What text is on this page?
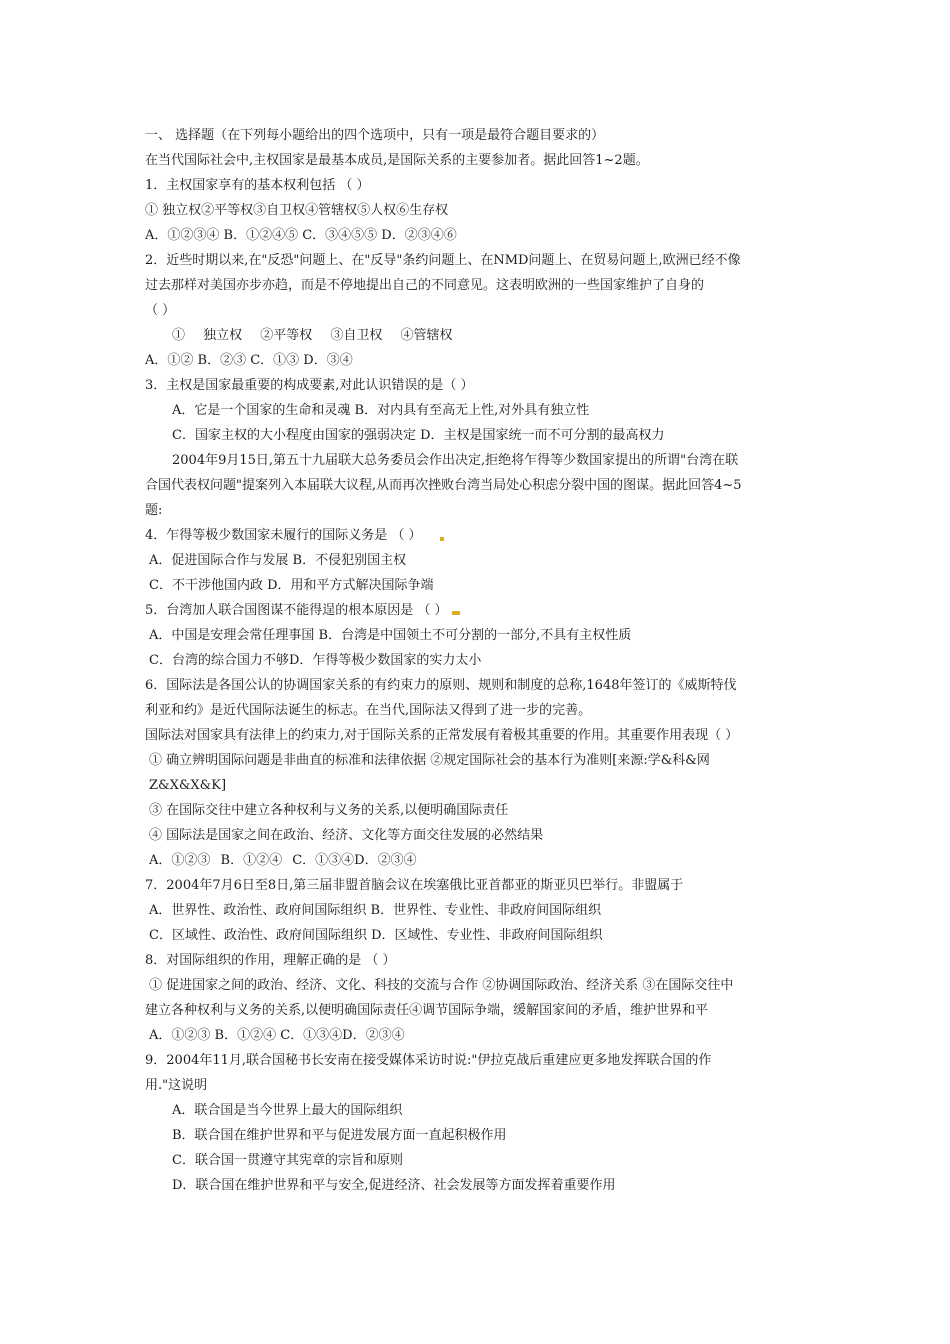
一、 选择题（在下列每小题给出的四个选项中，只有一项是最符合题目要求的）
在当代国际社会中,主权国家是最基本成员,是国际关系的主要参加者。据此回答1~2题。
1．主权国家享有的基本权利包括 （ ）
① 独立权②平等权③自卫权④管辖权⑤人权⑥生存权
A．①②③④ B．①②④⑤ C．③④⑤⑤ D．②③④⑥
2．近些时期以来,在"反恐"问题上、在"反导"条约问题上、在NMD问题上、在贸易问题上,欧洲已经不像
过去那样对美国亦步亦趋，而是不停地提出自己的不同意见。这表明欧洲的一些国家维护了自身的
（ ）
① 独立权 ②平等权 ③自卫权 ④管辖权
A．①② B．②③ C．①③ D．③④
3．主权是国家最重要的构成要素,对此认识错误的是（ ）
A．它是一个国家的生命和灵魂 B．对内具有至高无上性,对外具有独立性
C．国家主权的大小程度由国家的强弱决定 D．主权是国家统一而不可分割的最高权力
2004年9月15日,第五十九届联大总务委员会作出决定,拒绝将乍得等少数国家提出的所谓"台湾在联
合国代表权问题"提案列入本届联大议程,从而再次挫败台湾当局处心积虑分裂中国的图谋。据此回答4~5
题:
4．乍得等极少数国家未履行的国际义务是 （ ）
A．促进国际合作与发展 B．不侵犯别国主权
C．不干涉他国内政 D．用和平方式解决国际争端
5．台湾加人联合国图谋不能得逞的根本原因是 （ ）
A．中国是安理会常任理事国 B．台湾是中国领土不可分割的一部分,不具有主权性质
C．台湾的综合国力不够D．乍得等极少数国家的实力太小
6．国际法是各国公认的协调国家关系的有约束力的原则、规则和制度的总称,1648年签订的《威斯特伐
利亚和约》是近代国际法诞生的标志。在当代,国际法又得到了进一步的完善。
国际法对国家具有法律上的约束力,对于国际关系的正常发展有着极其重要的作用。其重要作用表现（ ）
① 确立辨明国际问题是非曲直的标准和法律依据 ②规定国际社会的基本行为准则[来源:学&科&网
Z&X&X&K]
③ 在国际交往中建立各种权利与义务的关系,以便明确国际责任
④ 国际法是国家之间在政治、经济、文化等方面交往发展的必然结果
A．①②③ B．①②④ C．①③④D．②③④
7．2004年7月6日至8日,第三届非盟首脑会议在埃塞俄比亚首都亚的斯亚贝巴举行。非盟属于
A．世界性、政治性、政府间国际组织 B．世界性、专业性、非政府间国际组织
C．区域性、政治性、政府间国际组织 D．区域性、专业性、非政府间国际组织
8．对国际组织的作用，理解正确的是 （ ）
① 促进国家之间的政治、经济、文化、科技的交流与合作 ②协调国际政治、经济关系 ③在国际交往中
建立各种权利与义务的关系,以便明确国际责任④调节国际争端，缓解国家间的矛盾，维护世界和平
A．①②③ B．①②④ C．①③④D．②③④
9．2004年11月,联合国秘书长安南在接受媒体采访时说:"伊拉克战后重建应更多地发挥联合国的作
用."这说明
A．联合国是当今世界上最大的国际组织
B．联合国在维护世界和平与促进发展方面一直起积极作用
C．联合国一贯遵守其宪章的宗旨和原则
D．联合国在维护世界和平与安全,促进经济、社会发展等方面发挥着重要作用
